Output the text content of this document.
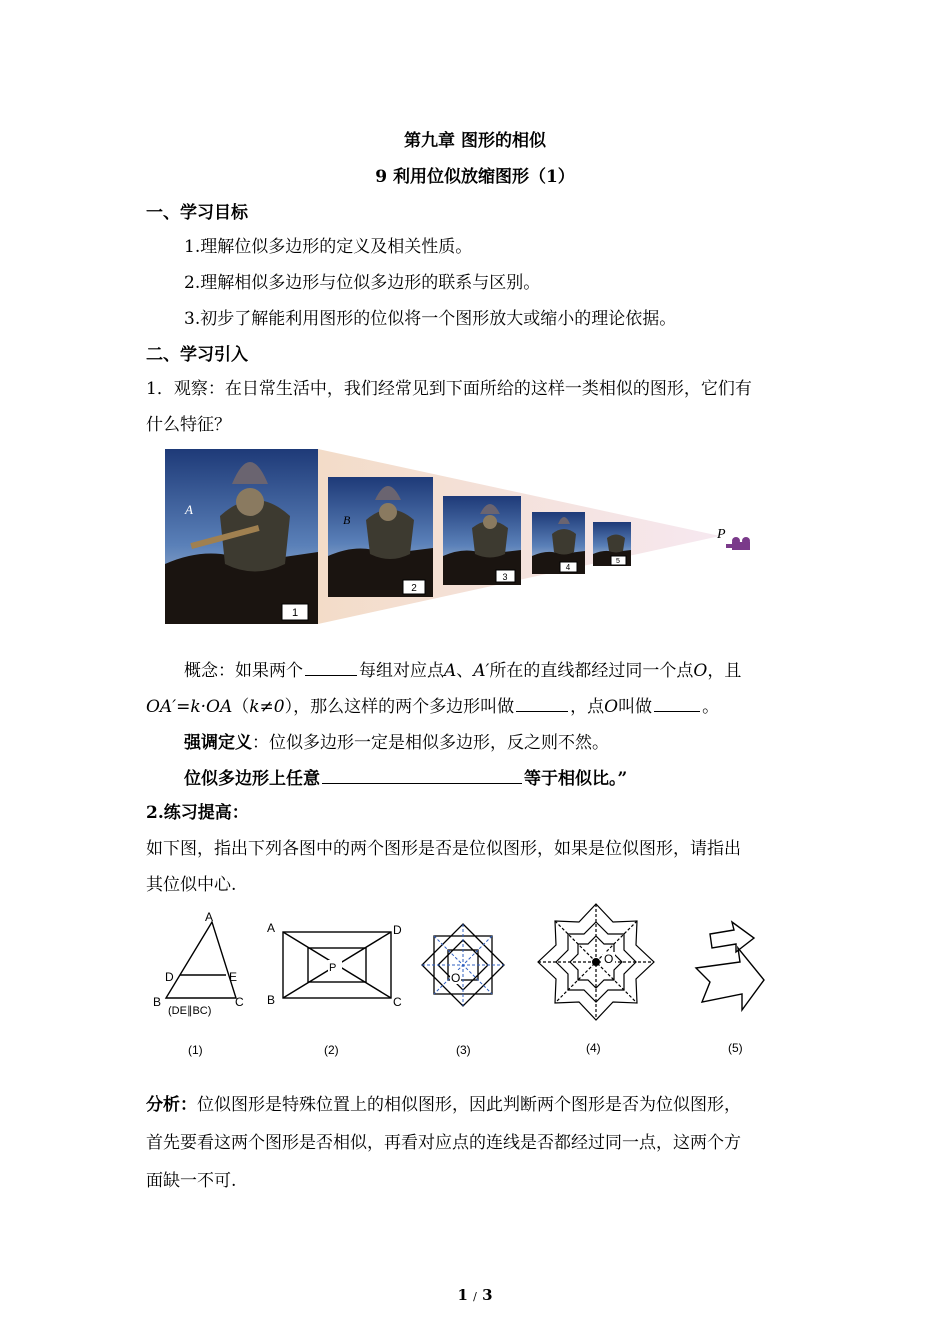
第九章 图形的相似
9 利用位似放缩图形（1）
一、学习目标
1.理解位似多边形的定义及相关性质。
2.理解相似多边形与位似多边形的联系与区别。
3.初步了解能利用图形的位似将一个图形放大或缩小的理论依据。
二、学习引入
1．观察：在日常生活中，我们经常见到下面所给的这样一类相似的图形，它们有
什么特征？
A
1
B
2
3
4
5
P
概念：如果两个	每组对应点A、A′所在的直线都经过同一个点O，且
OA′=k·OA（k≠0），那么这样的两个多边形叫做	，点O叫做	。
强调定义：位似多边形一定是相似多边形，反之则不然。
位似多边形上任意	等于相似比。”
2.练习提高：
如下图，指出下列各图中的两个图形是否是位似图形，如果是位似图形，请指出
其位似中心.
A
D	E
B	C
(DE∥BC)
(1)
P
A	D
B	C
(2)
O
(3)
O
(4)	(5)
分析：位似图形是特殊位置上的相似图形，因此判断两个图形是否为位似图形，
首先要看这两个图形是否相似，再看对应点的连线是否都经过同一点，这两个方
面缺一不可.
1 / 3
